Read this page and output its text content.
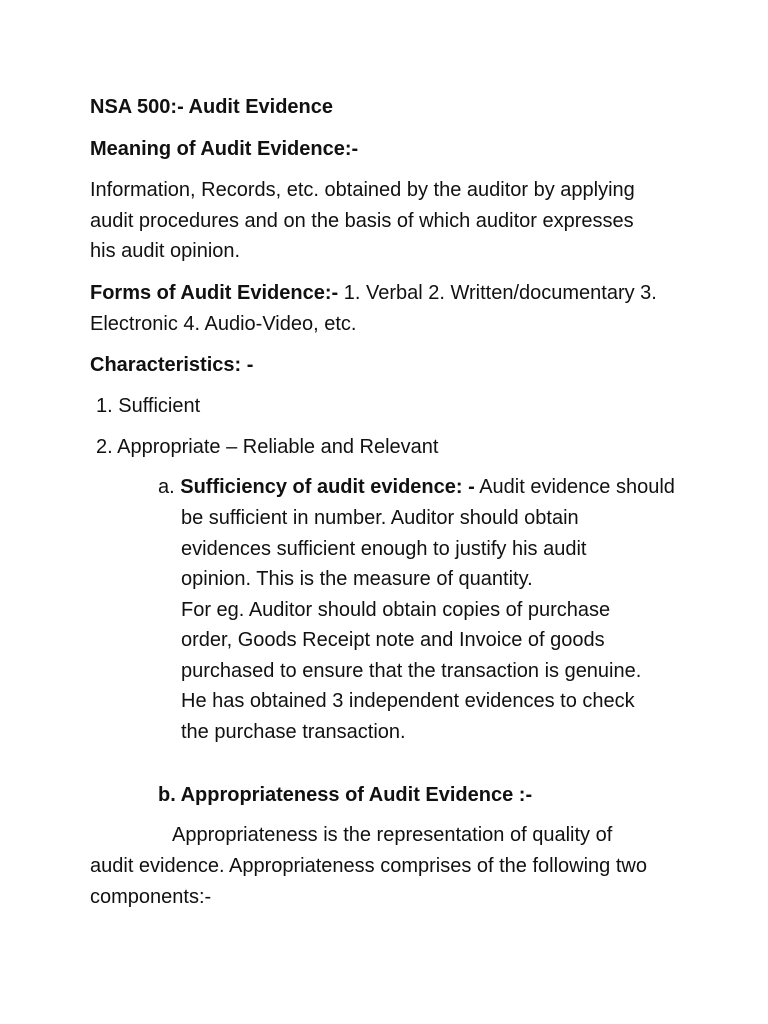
NSA 500:- Audit Evidence
Meaning of Audit Evidence:-
Information, Records, etc. obtained by the auditor by applying
audit procedures and on the basis of which auditor expresses
his audit opinion.
Forms of Audit Evidence:- 1. Verbal 2. Written/documentary 3.
Electronic 4. Audio-Video, etc.
Characteristics: -
1. Sufficient
2. Appropriate – Reliable and Relevant
a. Sufficiency of audit evidence: - Audit evidence should
be sufficient in number. Auditor should obtain
evidences sufficient enough to justify his audit
opinion. This is the measure of quantity.
For eg. Auditor should obtain copies of purchase
order, Goods Receipt note and Invoice of goods
purchased to ensure that the transaction is genuine.
He has obtained 3 independent evidences to check
the purchase transaction.
b. Appropriateness of Audit Evidence :-
Appropriateness is the representation of quality of
audit evidence. Appropriateness comprises of the following two
components:-
